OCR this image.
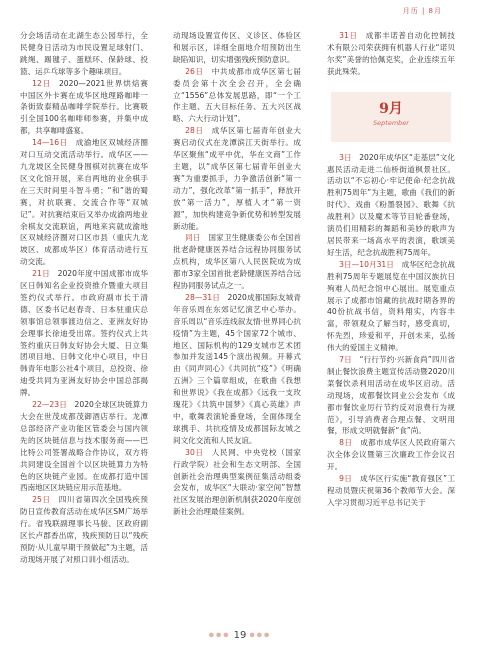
月历 | 8月

分会场活动在北湖生态公园举行，全民健身日活动为市民设置足球射门、跳绳、踢毽子、蛋糕环、保龄球、投篮、运乒乓球等多个趣味项目。

12日  2020—2021世界烘焙赛中国区外卡赛在成华区地理路咖啡一条街致泰精品咖啡学院举行。比赛吸引全国100名咖啡师参赛，并集中成都，共享咖啡盛宴。

14—16日  成渝地区双城经济圈对口互动交流活动举行。成华区——九龙坡区全民健身围棋对抗赛在成华区文化馆开展，来自两地的业余棋手在三天时间里斗智斗勇；“和”谐的蜀赛，对抗联赛、交流合作等“双城记”。对抗赛结束后又举办成渝两地业余棋友交流联谊，两地来宾就成渝地区双城经济圈对口区市县（重庆九龙坡区、成都成华区）体育活动进行互动交流。

21日  2020年度中国成都市成华区日韩知名企业投资推介暨重大项目签约仪式举行。市政府副市长于清德、区委书记赵春奇、日本驻重庆总领事馆总领事渡边信之、亚洲友好协会理事长徐迪受出席。签约仪式上共签约重庆日韩友好协会大厦、日立集团项目地、日韩文化中心项目，中日韩青年电影公社4个项目，总投资、徐迪受共同为亚洲友好协会中国总部揭牌。

22—23日  2020全球区块链算力大会在世茂成都茂御酒店举行。龙潭总部经济产业功能区管委会与国内领先的区块链信息与技术服务商——巴比特公司签署战略合作协议，双方将共同建设全国首个以区块链算力为特色的区块链产业园。在成都打造中国西南地区区块链应用示范基地。

25日  四川省第四次全国残疾预防日宣传教育活动在成华区SM广场举行。省残联副理事长马骏、区政府副区长卢郡香出席，残疾预防日以“残疾预防·从儿童早期干预做起”为主题，活动现场开展了对照口训小组活动。

动现场设置宣传区、义诊区、体验区和展示区，详细全面地介绍预防出生缺陷知识，切实增强残疾预防意识。

26日  中共成都市成华区第七届委员会第十次全会召开，全会确立“1556”总体发展思路，即“一个工作主题、五大目标任务、五大兴区战略、六大行动计划”。

28日  成华区第七届青年创业大赛启动仪式在龙潭滨江天街举行。成华区聚焦“成平中优，华在文商”工作主题，以“成华区第七届青年创业大赛”为重要抓手，力争激活创新“第一动力”，强化改革“第一抓手”，释放开放“第一活力”，厚植人才“第一资源”，加快构建竞争新优势和转型发展新动能。

同日  国家卫生健康委公布全国首批老龄健康医养结合远程协同服务试点机构，成华区第八人民医院成为成都市3家全国首批老龄健康医养结合远程协同服务试点之一。

28—31日  2020成都国际友城青年音乐周在东郊记忆演艺中心举办。音乐周以“音乐连线叙友情·世界同心抗疫情”为主题，45个国家72个城市、地区、国际机构的129支城市艺术团参加并发送145个演出视频。开幕式由《同声同心》《共同抗“疫”》《明确五洲》三个篇章组成，在歌曲《我想和世界说》《我在成都》《远我一支玫瑰花》《共筑中国梦》《真心英雄》声中，歌舞表演轮番登场，全面体现全球携手、共抗疫情及成都国际友城之间文化交流和人民友谊。

30日  人民网、中央党校（国家行政学院）社会和生态文明部、全国创新社会治理典型案例征集活动组委会发布，成华区“大联动·家空间”智慧社区发展治理创新机制获2020年度创新社会治理最佳案例。

31日  成都丰诺普自动化控制技术有限公司荣获拥有机器人行业“诺贝尔奖”美誉的恰佩克奖，企业连续五年获此殊荣。

9月
September

3日  2020年成华区“走基层”文化惠民活动走进二仙桥街道枫景社区。活动以“不忘初心·牢记使命·纪念抗战胜利75周年”为主题，歌曲《我们的新时代》、戏曲《粉墨裂园》、歌舞《抗战胜利》以及魔术等节目轮番登场，演员们用精彩的舞蹈和美妙的歌声为居民带来一场高水平的表演，歌颂美好生活，纪念抗战胜利75周年。

3日—10月31日  成华区纪念抗战胜利75周年专题展览在中国汉族抗日殉难人员纪念馆中心展出。展览重点展示了成都市馆藏的抗战时期各界的40份抗战书信，资料翔实，内容丰富，带领观众了解当时，感受真切，怀先烈，珍爱和平，开创未来，弘扬伟大的爱国主义精神。

7日  “行行节约·兴新食尚”四川省制止餐饮浪费主题宣传活动暨2020川菜餐饮杀利用活动在成华区启动。活动现场，成都餐饮同业公会发布《成都市餐饮业厉行节约反对浪费行为规范》，引导消费者合理点餐、文明用餐，形成文明就餐新“食”尚。

8日  成都市成华区人民政府第六次全体会议暨第三次廉政工作会议召开。

9日  成华区行实施“教育强区”工程动员暨庆祝第36个教师节大会。深入学习贯彻习近平总书记关于

●●● 19 ●●●
